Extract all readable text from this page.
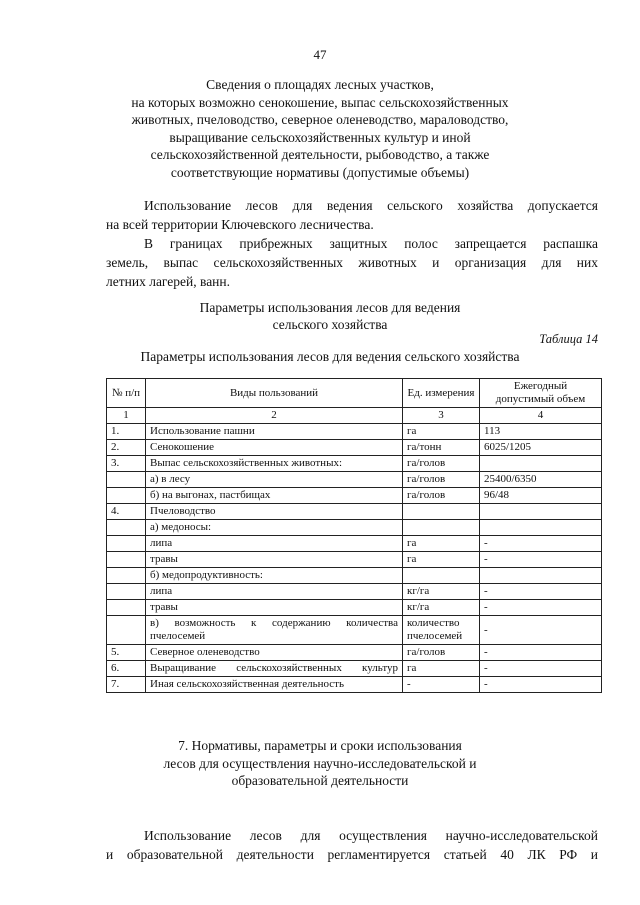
47
Сведения о площадях лесных участков,
на которых возможно сенокошение, выпас сельскохозяйственных
животных, пчеловодство, северное оленеводство, мараловодство,
выращивание сельскохозяйственных культур и иной
сельскохозяйственной деятельности, рыбоводство, а также
соответствующие нормативы (допустимые объемы)
Использование лесов для ведения сельского хозяйства допускается
на всей территории Ключевского лесничества.
В границах прибрежных защитных полос запрещается распашка
земель, выпас сельскохозяйственных животных и организация для них
летних лагерей, ванн.
Параметры использования лесов для ведения
сельского хозяйства
Таблица 14
Параметры использования лесов для ведения сельского хозяйства
№ п/п	Виды пользований	Ед. измерения	Ежегодный допустимый объем
1	2	3	4
1.	Использование пашни	га	113
2.	Сенокошение	га/тонн	6025/1205
3.	Выпас сельскохозяйственных животных:	га/голов	
	а) в лесу	га/голов	25400/6350
	б) на выгонах, пастбищах	га/голов	96/48
4.	Пчеловодство		
	а) медоносы:		
	липа	га	-
	травы	га	-
	б) медопродуктивность:		
	липа	кг/га	-
	травы	кг/га	-
	в) возможность к содержанию количества пчелосемей	количество пчелосемей	-
5.	Северное оленеводство	га/голов	-
6.	Выращивание сельскохозяйственных культур	га	-
7.	Иная сельскохозяйственная деятельность	-	-
7. Нормативы, параметры и сроки использования
лесов для осуществления научно-исследовательской и
образовательной деятельности
Использование лесов для осуществления научно-исследовательской
и образовательной деятельности регламентируется статьей 40 ЛК РФ и
